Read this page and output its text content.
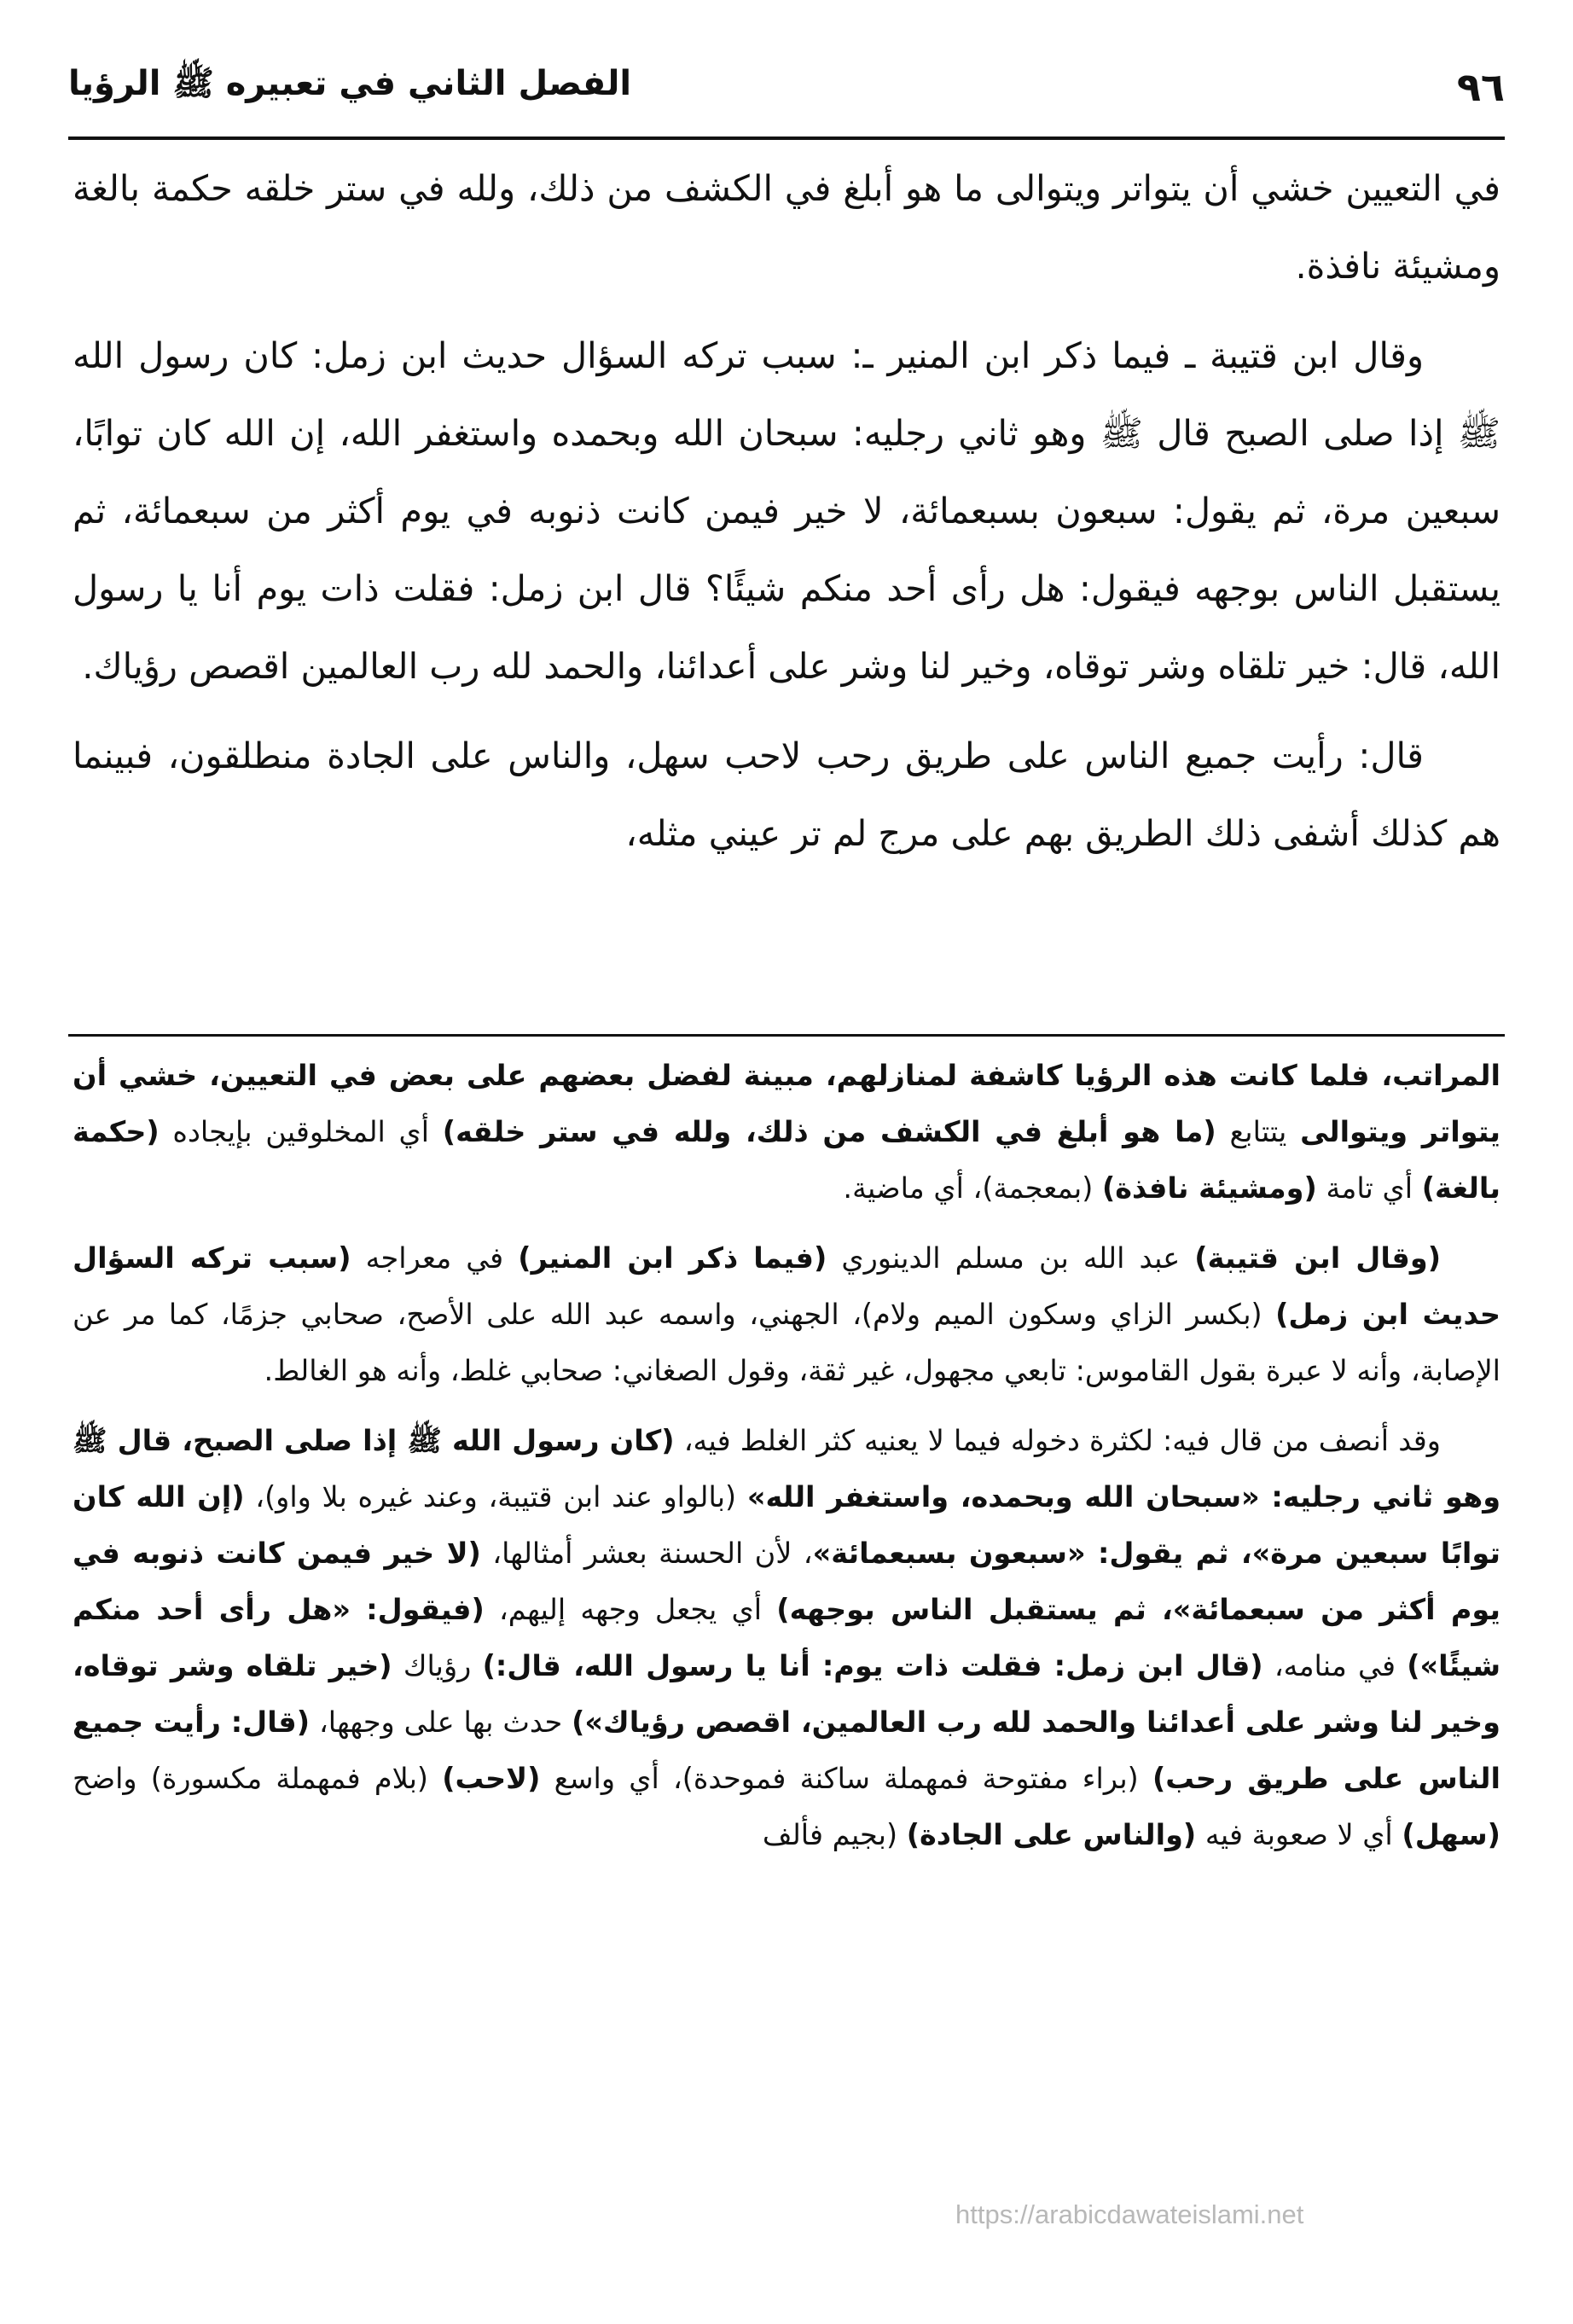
٩٦
الفصل الثاني في تعبيره ﷺ الرؤيا

في التعيين خشي أن يتواتر ويتوالى ما هو أبلغ في الكشف من ذلك، ولله في ستر خلقه حكمة بالغة ومشيئة نافذة.

وقال ابن قتيبة ـ فيما ذكر ابن المنير ـ: سبب تركه السؤال حديث ابن زمل: كان رسول الله ﷺ إذا صلى الصبح قال ﷺ وهو ثاني رجليه: سبحان الله وبحمده واستغفر الله، إن الله كان توابًا، سبعين مرة، ثم يقول: سبعون بسبعمائة، لا خير فيمن كانت ذنوبه في يوم أكثر من سبعمائة، ثم يستقبل الناس بوجهه فيقول: هل رأى أحد منكم شيئًا؟ قال ابن زمل: فقلت ذات يوم أنا يا رسول الله، قال: خير تلقاه وشر توقاه، وخير لنا وشر على أعدائنا، والحمد لله رب العالمين اقصص رؤياك.

قال: رأيت جميع الناس على طريق رحب لاحب سهل، والناس على الجادة منطلقون، فبينما هم كذلك أشفى ذلك الطريق بهم على مرج لم تر عيني مثله،

المراتب، فلما كانت هذه الرؤيا كاشفة لمنازلهم، مبينة لفضل بعضهم على بعض في التعيين، خشي أن يتواتر ويتوالى يتتابع (ما هو أبلغ في الكشف من ذلك، ولله في ستر خلقه) أي المخلوقين بإيجاده (حكمة بالغة) أي تامة (ومشيئة نافذة) (بمعجمة)، أي ماضية.

(وقال ابن قتيبة) عبد الله بن مسلم الدينوري (فيما ذكر ابن المنير) في معراجه (سبب تركه السؤال حديث ابن زمل) (بكسر الزاي وسكون الميم ولام)، الجهني، واسمه عبد الله على الأصح، صحابي جزمًا، كما مر عن الإصابة، وأنه لا عبرة بقول القاموس: تابعي مجهول، غير ثقة، وقول الصغاني: صحابي غلط، وأنه هو الغالط.

وقد أنصف من قال فيه: لكثرة دخوله فيما لا يعنيه كثر الغلط فيه، (كان رسول الله ﷺ إذا صلى الصبح، قال ﷺ وهو ثاني رجليه: «سبحان الله وبحمده، واستغفر الله» (بالواو عند ابن قتيبة، وعند غيره بلا واو)، (إن الله كان توابًا سبعين مرة»، ثم يقول: «سبعون بسبعمائة»، لأن الحسنة بعشر أمثالها، (لا خير فيمن كانت ذنوبه في يوم أكثر من سبعمائة»، ثم يستقبل الناس بوجهه) أي يجعل وجهه إليهم، (فيقول: «هل رأى أحد منكم شيئًا») في منامه، (قال ابن زمل: فقلت ذات يوم: أنا يا رسول الله، قال:) رؤياك (خير تلقاه وشر توقاه، وخير لنا وشر على أعدائنا والحمد لله رب العالمين، اقصص رؤياك») حدث بها على وجهها، (قال: رأيت جميع الناس على طريق رحب) (براء مفتوحة فمهملة ساكنة فموحدة)، أي واسع (لاحب) (بلام فمهملة مكسورة) واضح (سهل) أي لا صعوبة فيه (والناس على الجادة) (بجيم فألف

https://arabicdawateislami.net
